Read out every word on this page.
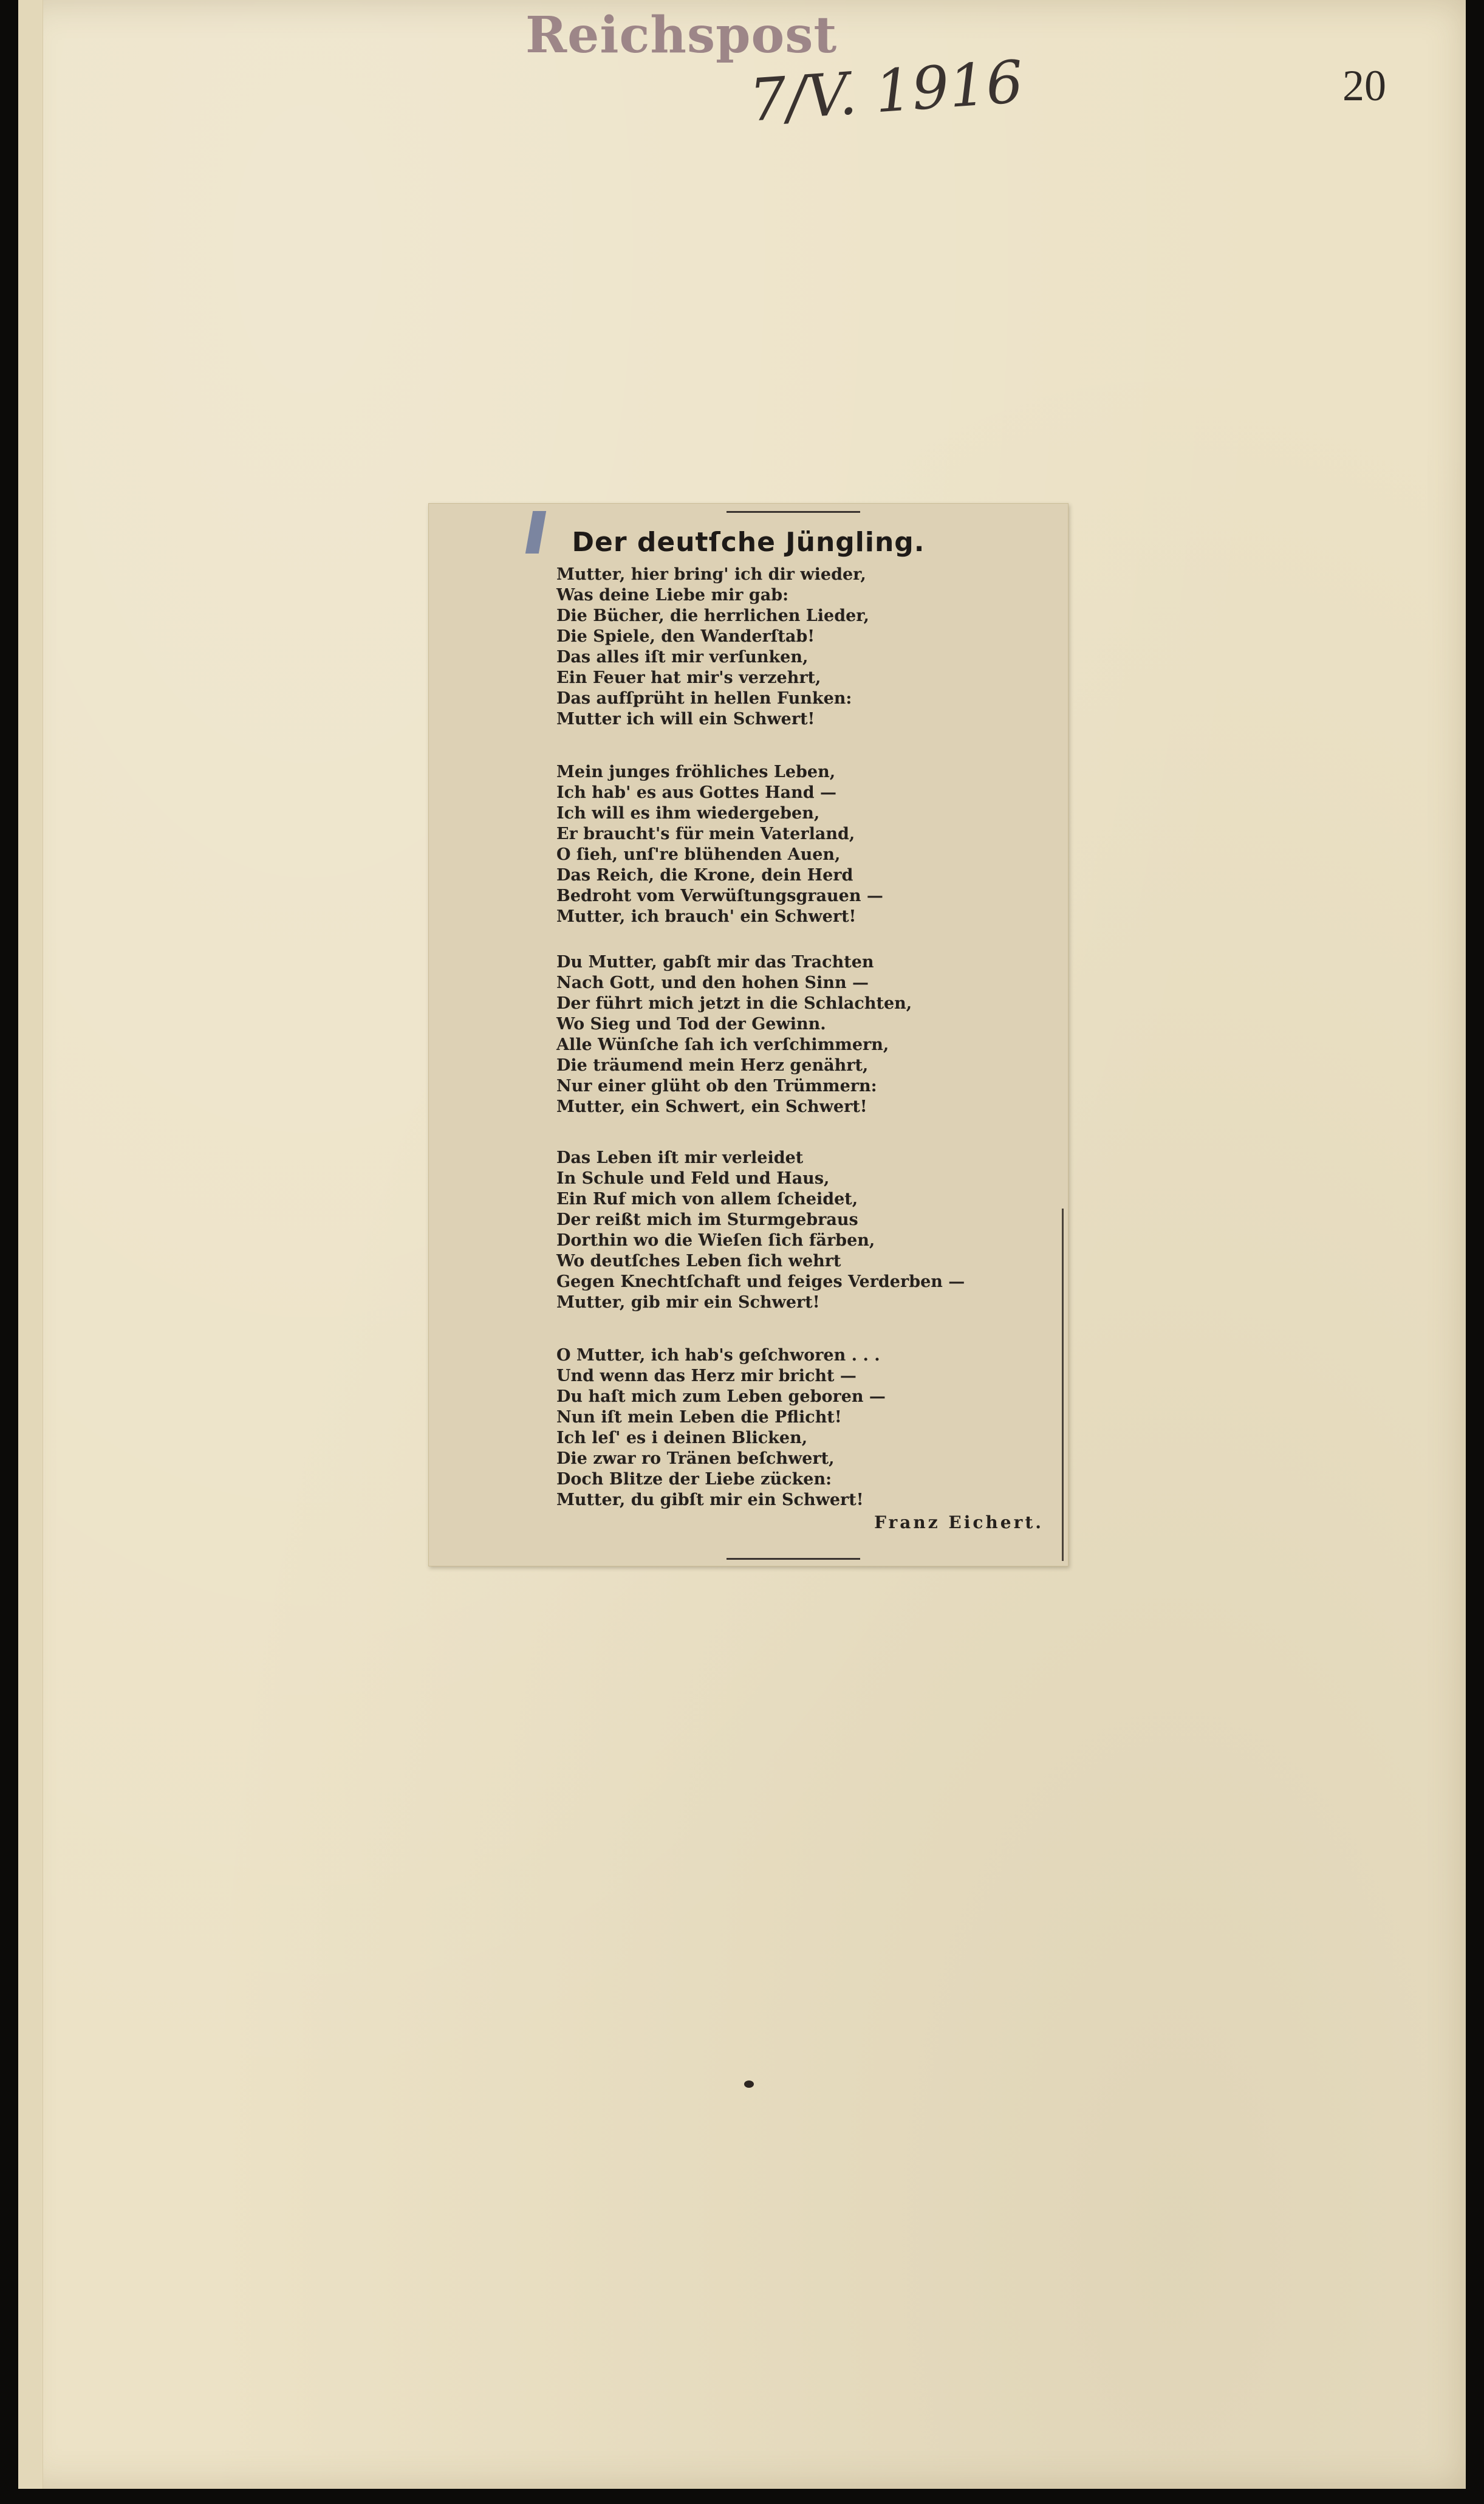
Reichspost
7/V. 1916	20
Der deutſche Jüngling.
Mutter, hier bring' ich dir wieder,
Was deine Liebe mir gab:
Die Bücher, die herrlichen Lieder,
Die Spiele, den Wanderſtab!
Das alles iſt mir verſunken,
Ein Feuer hat mir's verzehrt,
Das aufſprüht in hellen Funken:
Mutter ich will ein Schwert!
Mein junges fröhliches Leben,
Ich hab' es aus Gottes Hand —
Ich will es ihm wiedergeben,
Er braucht's für mein Vaterland,
O ſieh, unſ're blühenden Auen,
Das Reich, die Krone, dein Herd
Bedroht vom Verwüſtungsgrauen —
Mutter, ich brauch' ein Schwert!
Du Mutter, gabſt mir das Trachten
Nach Gott, und den hohen Sinn —
Der führt mich jetzt in die Schlachten,
Wo Sieg und Tod der Gewinn.
Alle Wünſche ſah ich verſchimmern,
Die träumend mein Herz genährt,
Nur einer glüht ob den Trümmern:
Mutter, ein Schwert, ein Schwert!
Das Leben iſt mir verleidet
In Schule und Feld und Haus,
Ein Ruf mich von allem ſcheidet,
Der reißt mich im Sturmgebraus
Dorthin wo die Wieſen ſich färben,
Wo deutſches Leben ſich wehrt
Gegen Knechtſchaft und feiges Verderben —
Mutter, gib mir ein Schwert!
O Mutter, ich hab's geſchworen . . .
Und wenn das Herz mir bricht —
Du haſt mich zum Leben geboren —
Nun iſt mein Leben die Pflicht!
Ich leſ' es i deinen Blicken,
Die zwar ro Tränen beſchwert,
Doch Blitze der Liebe zücken:
Mutter, du gibſt mir ein Schwert!
Franz Eichert.
